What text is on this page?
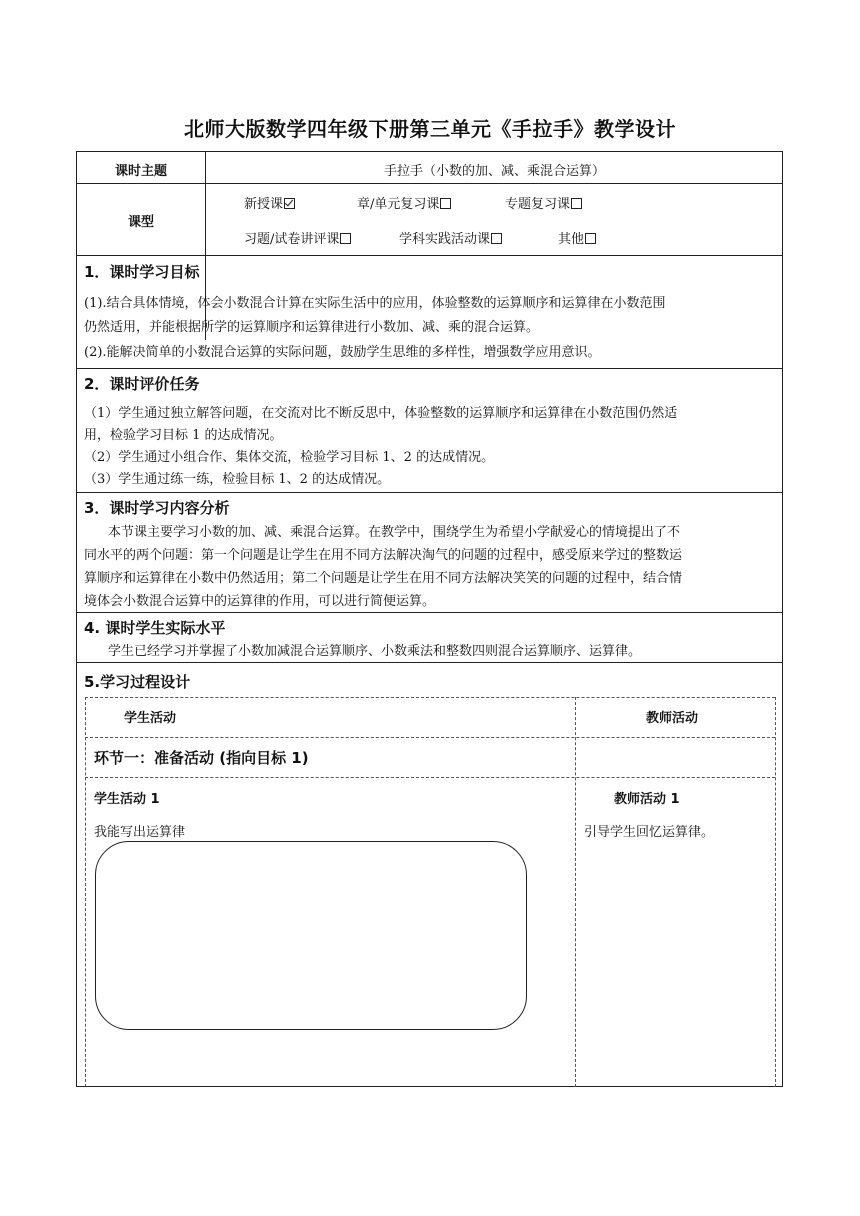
北师大版数学四年级下册第三单元《手拉手》教学设计
课时主题	手拉手（小数的加、减、乘混合运算）
课型
新授课	章/单元复习课	专题复习课
习题/试卷讲评课	学科实践活动课	其他
1．课时学习目标
(1).结合具体情境，体会小数混合计算在实际生活中的应用，体验整数的运算顺序和运算律在小数范围
仍然适用，并能根据所学的运算顺序和运算律进行小数加、减、乘的混合运算。
(2).能解决简单的小数混合运算的实际问题，鼓励学生思维的多样性，增强数学应用意识。
2．课时评价任务
（1）学生通过独立解答问题，在交流对比不断反思中，体验整数的运算顺序和运算律在小数范围仍然适
用，检验学习目标 1 的达成情况。
（2）学生通过小组合作、集体交流，检验学习目标 1、2 的达成情况。
（3）学生通过练一练，检验目标 1、2 的达成情况。
3．课时学习内容分析
本节课主要学习小数的加、减、乘混合运算。在教学中，围绕学生为希望小学献爱心的情境提出了不
同水平的两个问题：第一个问题是让学生在用不同方法解决淘气的问题的过程中，感受原来学过的整数运
算顺序和运算律在小数中仍然适用；第二个问题是让学生在用不同方法解决笑笑的问题的过程中，结合情
境体会小数混合运算中的运算律的作用，可以进行简便运算。
4. 课时学生实际水平
学生已经学习并掌握了小数加减混合运算顺序、小数乘法和整数四则混合运算顺序、运算律。
5.学习过程设计
学生活动	教师活动
环节一：准备活动 (指向目标 1)
学生活动 1	教师活动 1
我能写出运算律	引导学生回忆运算律。
